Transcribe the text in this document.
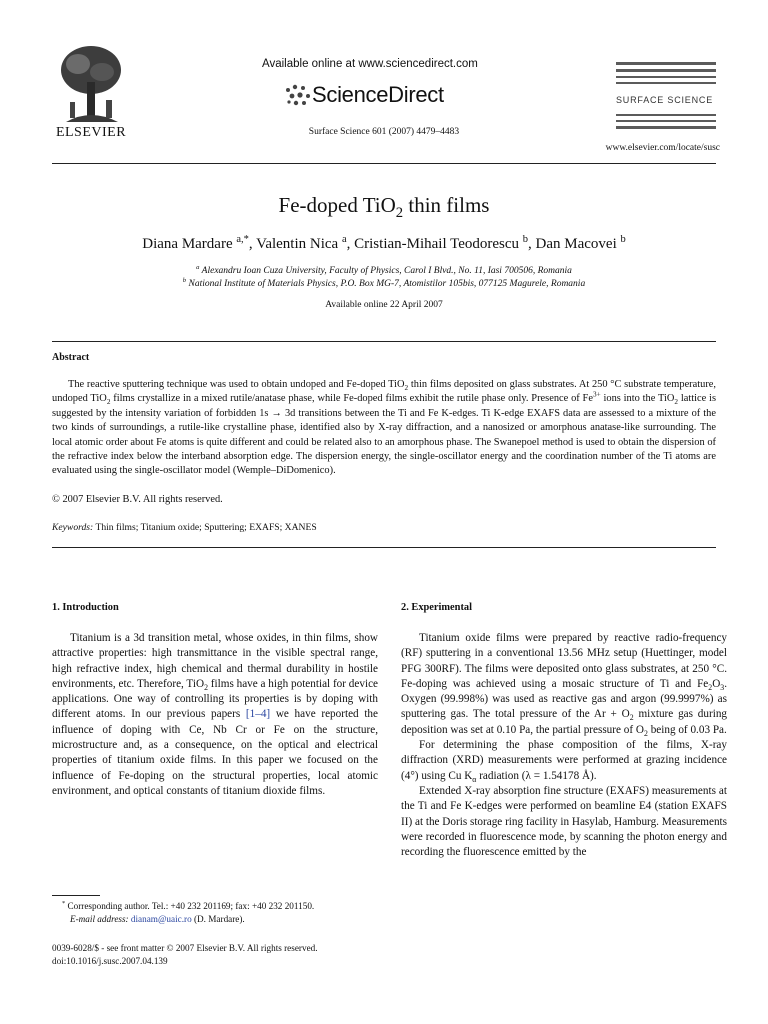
ELSEVIER
Available online at www.sciencedirect.com
ScienceDirect
Surface Science 601 (2007) 4479–4483
SURFACE SCIENCE
www.elsevier.com/locate/susc
Fe-doped TiO$_2$ thin films
Diana Mardare $^{a,*}$, Valentin Nica $^a$, Cristian-Mihail Teodorescu $^b$, Dan Macovei $^b$
$^a$ Alexandru Ioan Cuza University, Faculty of Physics, Carol I Blvd., No. 11, Iasi 700506, Romania
$^b$ National Institute of Materials Physics, P.O. Box MG-7, Atomistilor 105bis, 077125 Magurele, Romania
Available online 22 April 2007
Abstract

The reactive sputtering technique was used to obtain undoped and Fe-doped TiO$_2$ thin films deposited on glass substrates. At 250 °C substrate temperature, undoped TiO$_2$ films crystallize in a mixed rutile/anatase phase, while Fe-doped films exhibit the rutile phase only. Presence of $Fe^{3+}$ ions into the TiO$_2$ lattice is suggested by the intensity variation of forbidden 1s → 3d transitions between the Ti and Fe K-edges. Ti K-edge EXAFS data are assessed to a mixture of the two kinds of surroundings, a rutile-like crystalline phase, identified also by X-ray diffraction, and a nanosized or amorphous anatase-like surrounding. The local atomic order about Fe atoms is quite different and could be related also to an amorphous phase. The Swanepoel method is used to obtain the dispersion of the refractive index below the interband absorption edge. The dispersion energy, the single-oscillator energy and the coordination number of the Ti atoms are evaluated using the single-oscillator model (Wemple–DiDomenico).

© 2007 Elsevier B.V. All rights reserved.
Keywords: Thin films; Titanium oxide; Sputtering; EXAFS; XANES
1. Introduction

Titanium is a 3d transition metal, whose oxides, in thin films, show attractive properties: high transmittance in the visible spectral range, high refractive index, high chemical and thermal durability in hostile environments, etc. Therefore, TiO$_2$ films have a high potential for device applications. One way of controlling its properties is by doping with different atoms. In our previous papers [1–4] we have reported the influence of doping with Ce, Nb Cr or Fe on the structure, microstructure and, as a consequence, on the optical and electrical properties of titanium oxide films. In this paper we focused on the influence of Fe-doping on the structural properties, local atomic environment, and optical constants of titanium dioxide films.

* Corresponding author. Tel.: +40 232 201169; fax: +40 232 201150.
E-mail address: dianam@uaic.ro (D. Mardare).
0039-6028/$ - see front matter © 2007 Elsevier B.V. All rights reserved.
doi:10.1016/j.susc.2007.04.139
2. Experimental

Titanium oxide films were prepared by reactive radio-frequency (RF) sputtering in a conventional 13.56 MHz setup (Huettinger, model PFG 300RF). The films were deposited onto glass substrates, at 250 °C. Fe-doping was achieved using a mosaic structure of Ti and $Fe_2O_3$. Oxygen (99.998%) was used as reactive gas and argon (99.9997%) as sputtering gas. The total pressure of the $Ar + O_2$ mixture gas during deposition was set at 0.10 Pa, the partial pressure of $O_2$ being of 0.03 Pa.

For determining the phase composition of the films, X-ray diffraction (XRD) measurements were performed at grazing incidence (4°) using Cu $K_\alpha$ radiation (λ = 1.54178 Å).

Extended X-ray absorption fine structure (EXAFS) measurements at the Ti and Fe K-edges were performed on beamline E4 (station EXAFS II) at the Doris storage ring facility in Hasylab, Hamburg. Measurements were recorded in fluorescence mode, by scanning the photon energy and recording the fluorescence emitted by the
